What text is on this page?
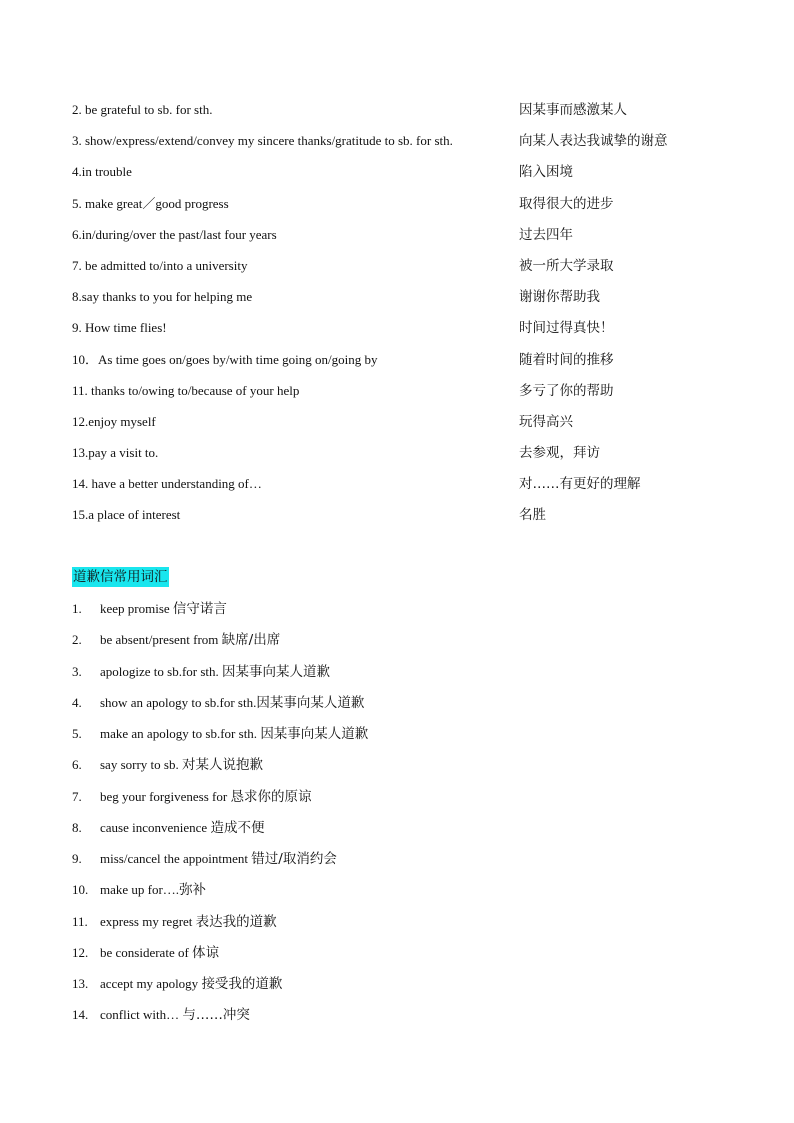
2. be grateful to sb. for sth.	因某事而感激某人
3. show/express/extend/convey my sincere thanks/gratitude to sb. for sth.	向某人表达我诚挚的谢意
4.in trouble	陷入困境
5. make great／good progress	取得很大的进步
6.in/during/over the past/last four years	过去四年
7. be admitted to/into a university	被一所大学录取
8.say thanks to you for helping me	谢谢你帮助我
9. How time flies!	时间过得真快！
10．As time goes on/goes by/with time going on/going by	随着时间的推移
11. thanks to/owing to/because of your help	多亏了你的帮助
12.enjoy myself	玩得高兴
13.pay a visit to.	去参观，拜访
14. have a better understanding of…	对……有更好的理解
15.a place of interest	名胜
道歉信常用词汇
1. keep promise 信守诺言
2. be absent/present from 缺席/出席
3. apologize to sb.for sth. 因某事向某人道歉
4. show an apology to sb.for sth.因某事向某人道歉
5. make an apology to sb.for sth. 因某事向某人道歉
6. say sorry to sb. 对某人说抱歉
7. beg your forgiveness for 恳求你的原谅
8. cause inconvenience 造成不便
9. miss/cancel the appointment 错过/取消约会
10. make up for….弥补
11. express my regret 表达我的道歉
12. be considerate of 体谅
13. accept my apology 接受我的道歉
14. conflict with… 与……冲突
